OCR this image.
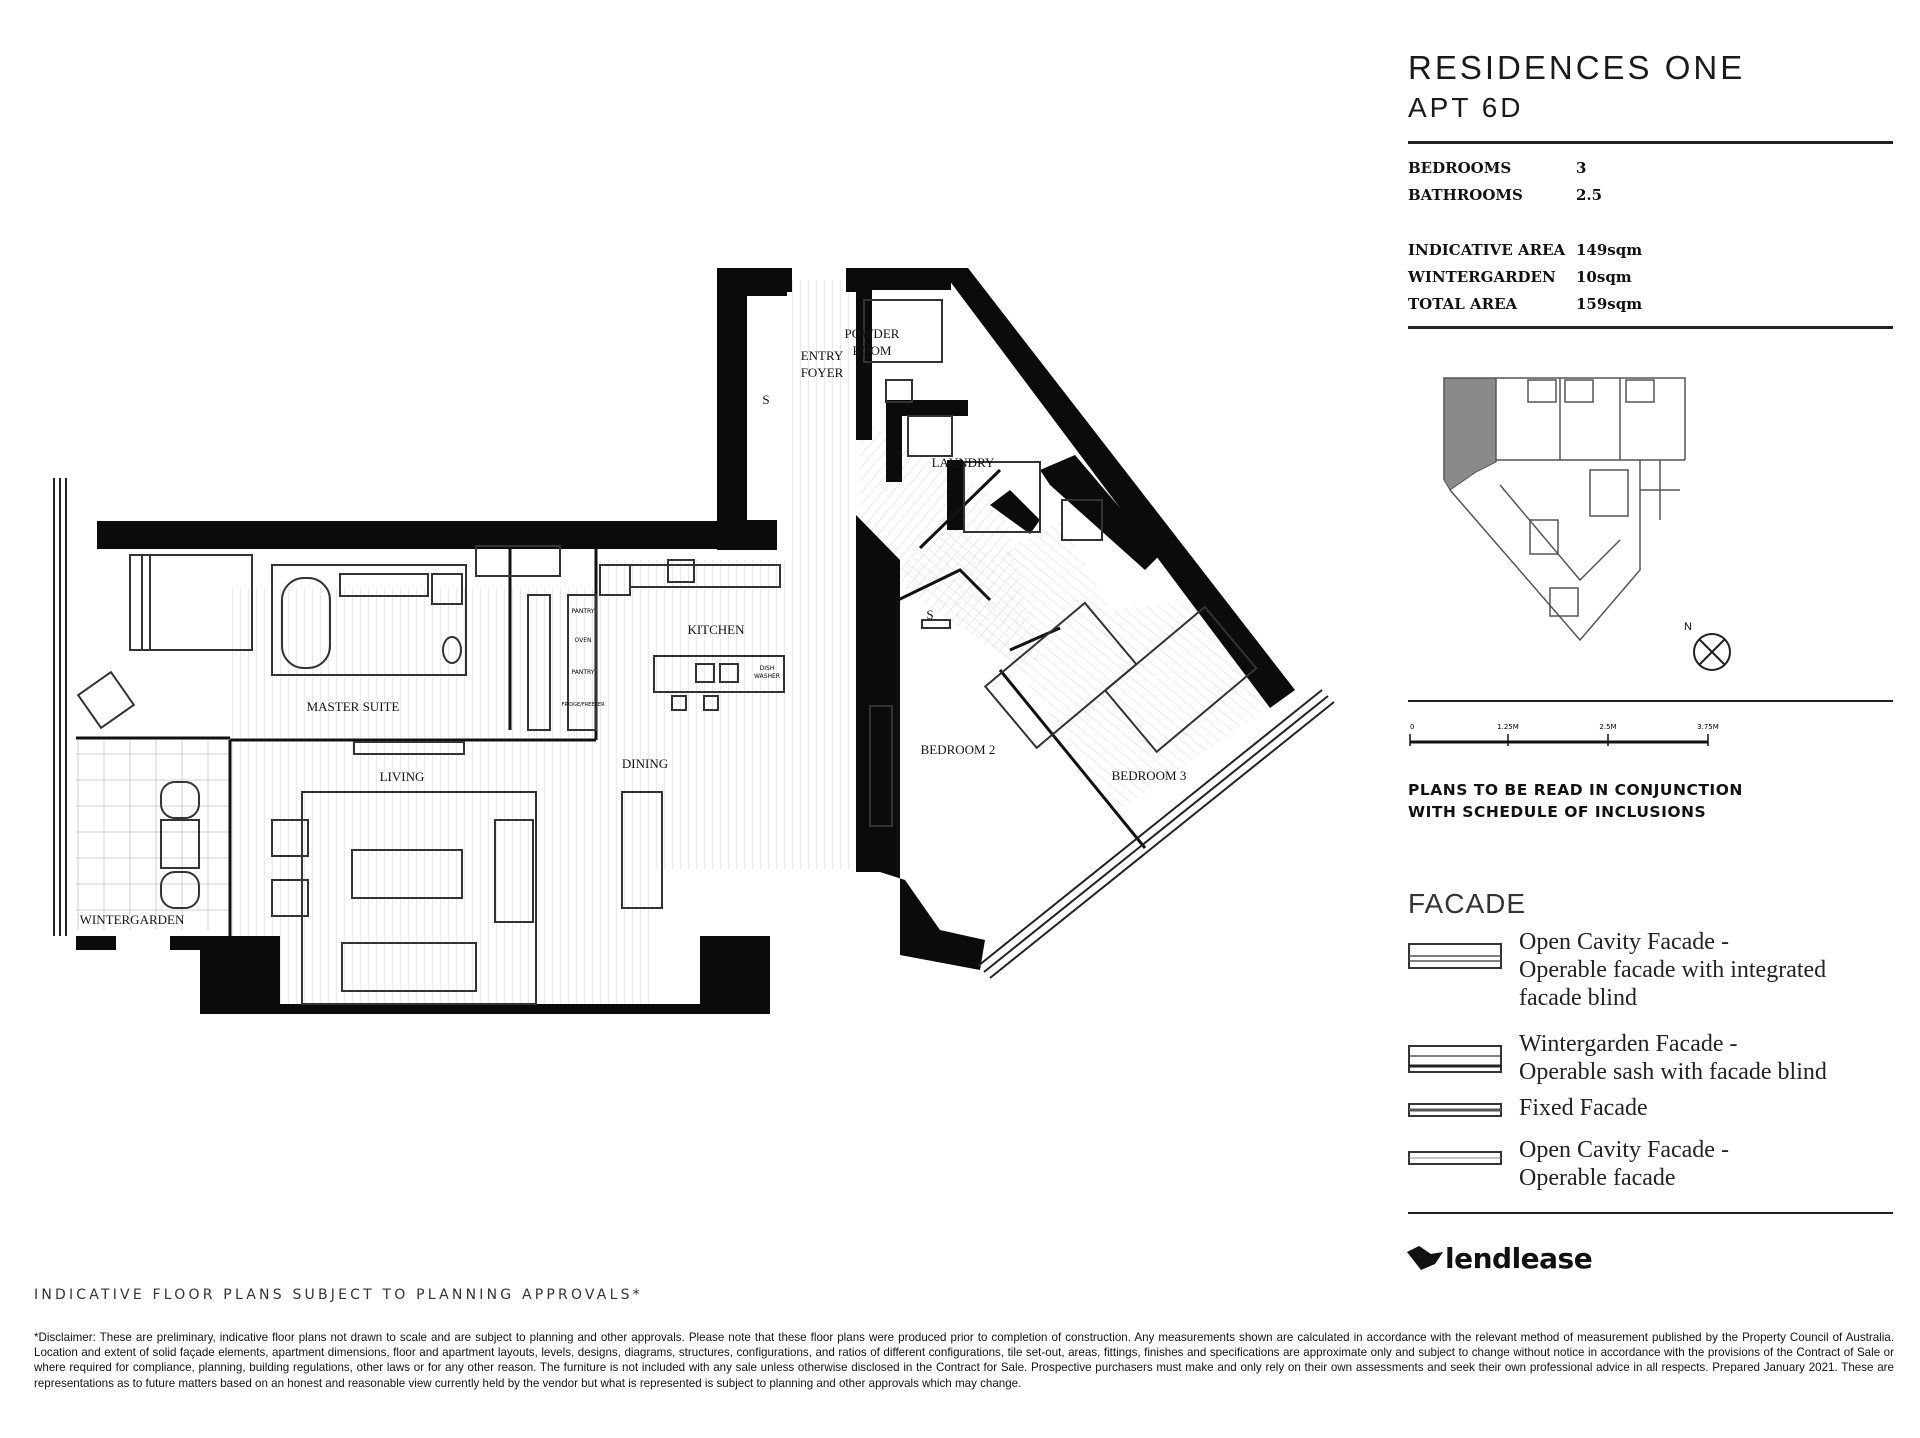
POWDER
ROOM
ENTRY
FOYER
LAUNDRY
KITCHEN
MASTER SUITE
LIVING
DINING
BEDROOM 2
BEDROOM 3
WINTERGARDEN
S
S
S
PANTRY
OVEN
PANTRY
FRIDGE/FREEZER
DISH
WASHER
RESIDENCES ONE
APT 6D
BEDROOMS	3
BATHROOMS	2.5
INDICATIVE AREA 149sqm
WINTERGARDEN	10sqm
TOTAL AREA	159sqm
N
0	1.25M	2.5M	3.75M
PLANS TO BE READ IN CONJUNCTION
WITH SCHEDULE OF INCLUSIONS
FACADE
Open Cavity Facade -
Operable facade with integrated
facade blind
Wintergarden Facade -
Operable sash with facade blind
Fixed Facade
Open Cavity Facade -
Operable facade
lendlease
INDICATIVE FLOOR PLANS SUBJECT TO PLANNING APPROVALS*
*Disclaimer: These are preliminary, indicative floor plans not drawn to scale and are subject to planning and other approvals. Please note that these floor plans were produced prior to completion of construction. Any measurements shown are calculated in accordance with the relevant method of measurement published by the Property Council of Australia. Location and extent of solid façade elements, apartment dimensions, floor and apartment layouts, levels, designs, diagrams, structures, configurations, and ratios of different configurations, tile set-out, areas, fittings, finishes and specifications are approximate only and subject to change without notice in accordance with the provisions of the Contract of Sale or where required for compliance, planning, building regulations, other laws or for any other reason. The furniture is not included with any sale unless otherwise disclosed in the Contract for Sale. Prospective purchasers must make and only rely on their own assessments and seek their own professional advice in all respects. Prepared January 2021. These are representations as to future matters based on an honest and reasonable view currently held by the vendor but what is represented is subject to planning and other approvals which may change.
